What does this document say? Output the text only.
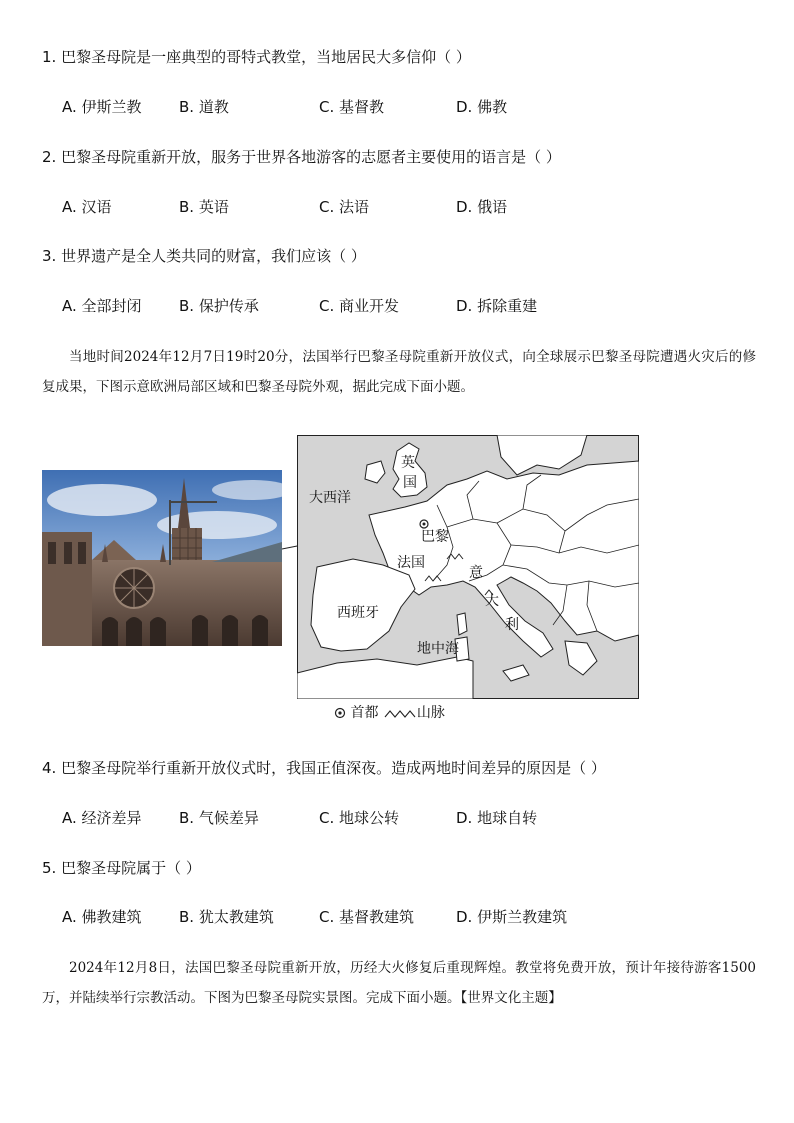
1. 巴黎圣母院是一座典型的哥特式教堂，当地居民大多信仰（ ）
A. 伊斯兰教 B. 道教	C. 基督教	D. 佛教
2. 巴黎圣母院重新开放，服务于世界各地游客的志愿者主要使用的语言是（ ）
A. 汉语	B. 英语	C. 法语	D. 俄语
3. 世界遗产是全人类共同的财富，我们应该（ ）
A. 全部封闭 B. 保护传承	C. 商业开发	D. 拆除重建
当地时间2024年12月7日19时20分，法国举行巴黎圣母院重新开放仪式，向全球展示巴黎圣母院遭遇火灾后的修复成果，下图示意欧洲局部区域和巴黎圣母院外观，据此完成下面小题。
英
国
大西洋
巴黎
法国
意
大
利
西班牙
地中海
首都	山脉
4. 巴黎圣母院举行重新开放仪式时，我国正值深夜。造成两地时间差异的原因是（ ）
A. 经济差异 B. 气候差异	C. 地球公转	D. 地球自转
5. 巴黎圣母院属于（ ）
A. 佛教建筑 B. 犹太教建筑	C. 基督教建筑	D. 伊斯兰教建筑
2024年12月8日，法国巴黎圣母院重新开放，历经大火修复后重现辉煌。教堂将免费开放，预计年接待游客1500万，并陆续举行宗教活动。下图为巴黎圣母院实景图。完成下面小题。【世界文化主题】
